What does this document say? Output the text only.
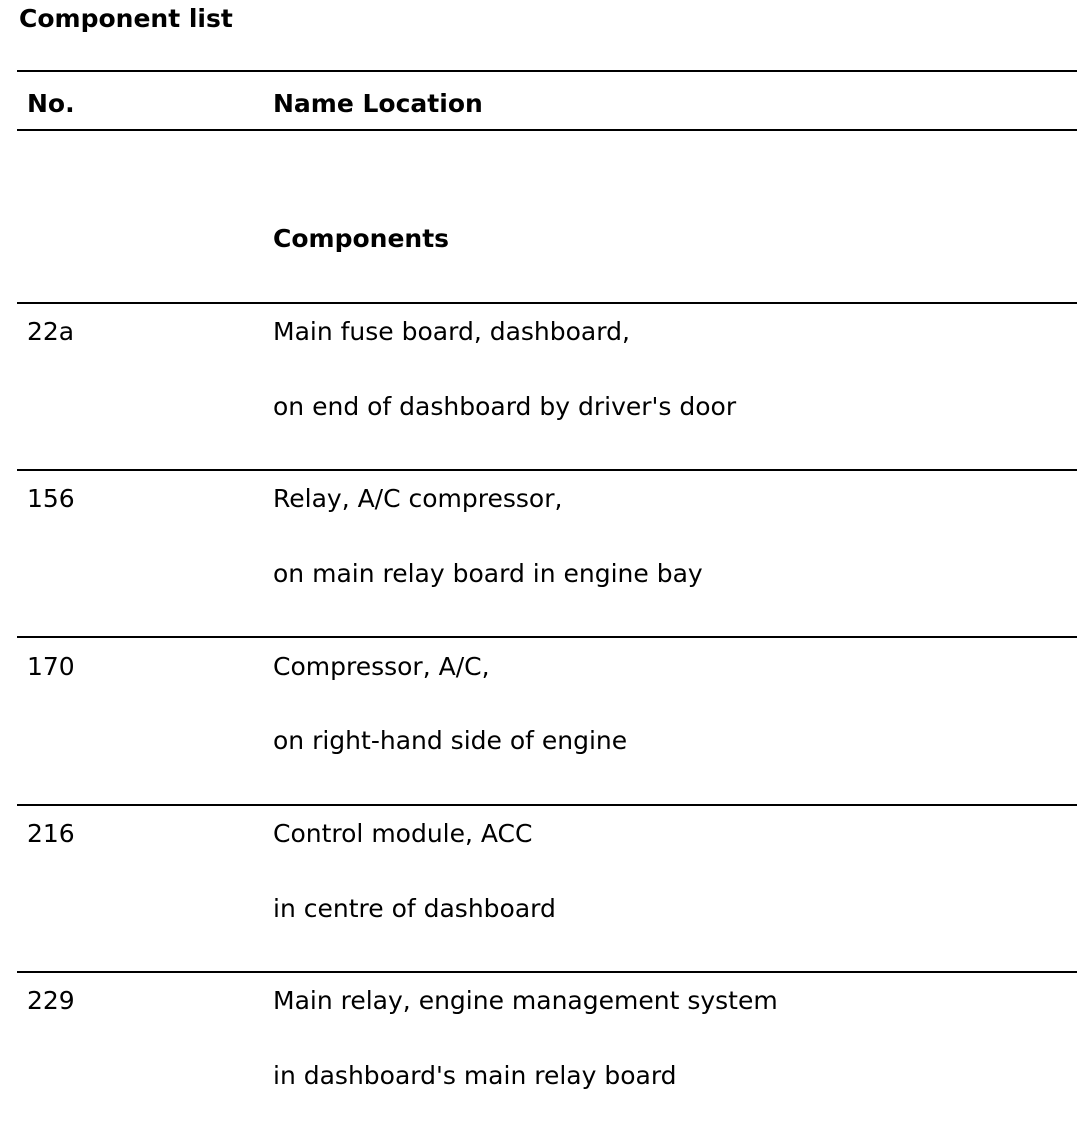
Component list
No.	Name Location
Components
22a	Main fuse board, dashboard,
on end of dashboard by driver's door
156	Relay, A/C compressor,
on main relay board in engine bay
170	Compressor, A/C,
on right-hand side of engine
216	Control module, ACC
in centre of dashboard
229	Main relay, engine management system
in dashboard's main relay board
